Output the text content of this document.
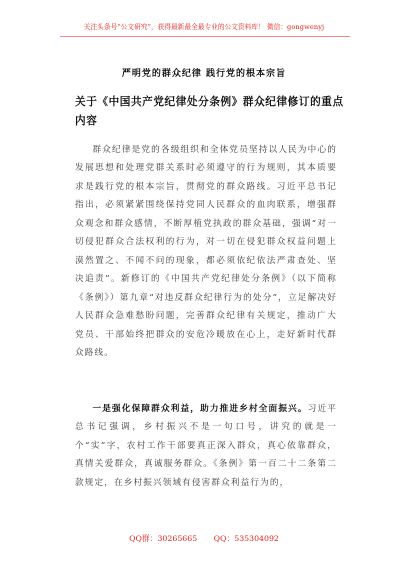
关注头条号“公文研究”，获得最新最全最专业的公文资料库！ 微信：gongwenyj
严明党的群众纪律 践行党的根本宗旨
关于《中国共产党纪律处分条例》群众纪律修订的重点内容

群众纪律是党的各级组织和全体党员坚持以人民为中心的发展思想和处理党群关系时必须遵守的行为规则，其本质要求是践行党的根本宗旨，贯彻党的群众路线。习近平总书记指出，必须紧紧围绕保持党同人民群众的血肉联系，增强群众观念和群众感情，不断厚植党执政的群众基础，强调“对一切侵犯群众合法权利的行为，对一切在侵犯群众权益问题上漠然置之、不闻不问的现象，都必须依纪依法严肃查处、坚决追责”。新修订的《中国共产党纪律处分条例》（以下简称《条例》）第九章“对违反群众纪律行为的处分”，立足解决好人民群众急难愁盼问题，完善群众纪律有关规定，推动广大党员、干部始终把群众的安危冷暖放在心上，走好新时代群众路线。

一是强化保障群众利益，助力推进乡村全面振兴。习近平总书记强调，乡村振兴不是一句口号，讲究的就是一个“实”字，农村工作干部要真正深入群众，真心依靠群众，真情关爱群众，真诚服务群众。《条例》第一百二十二条第二款规定，在乡村振兴领域有侵害群众利益行为的，

QQ群：30265665 QQ：535304092
